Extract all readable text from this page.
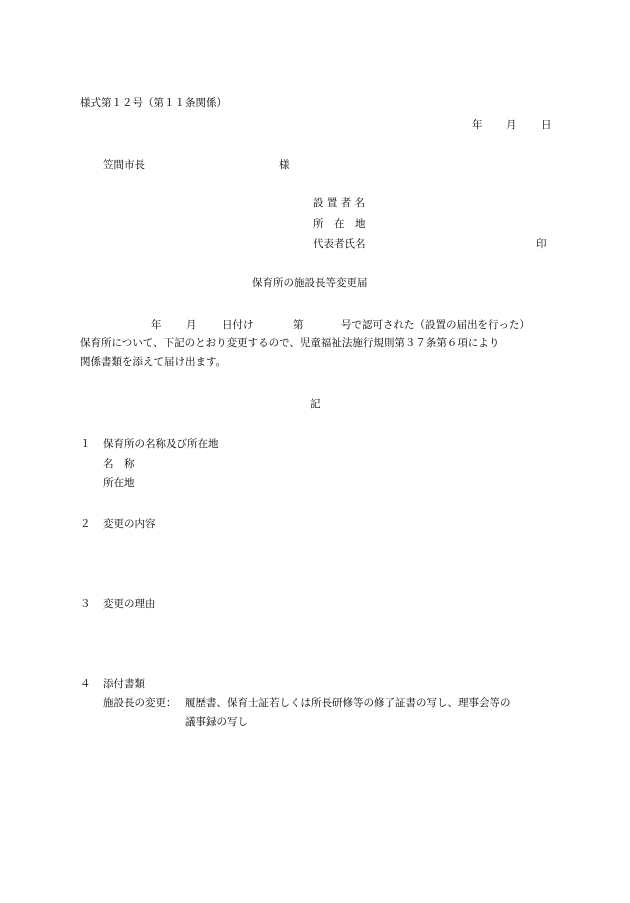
様式第１２号（第１１条関係）
年 月 日
笠間市長	様
設 置 者 名
所　在　地
代表者氏名	印
保育所の施設長等変更届
年 月 日付け	第	号で認可された（設置の届出を行った）
保育所について、下記のとおり変更するので、児童福祉法施行規則第３７条第６項により
関係書類を添えて届け出ます。
記
１ 保育所の名称及び所在地
名　称
所在地
２ 変更の内容
３ 変更の理由
４ 添付書類
施設長の変更： 履歴書、保育士証若しくは所長研修等の修了証書の写し、理事会等の
議事録の写し
